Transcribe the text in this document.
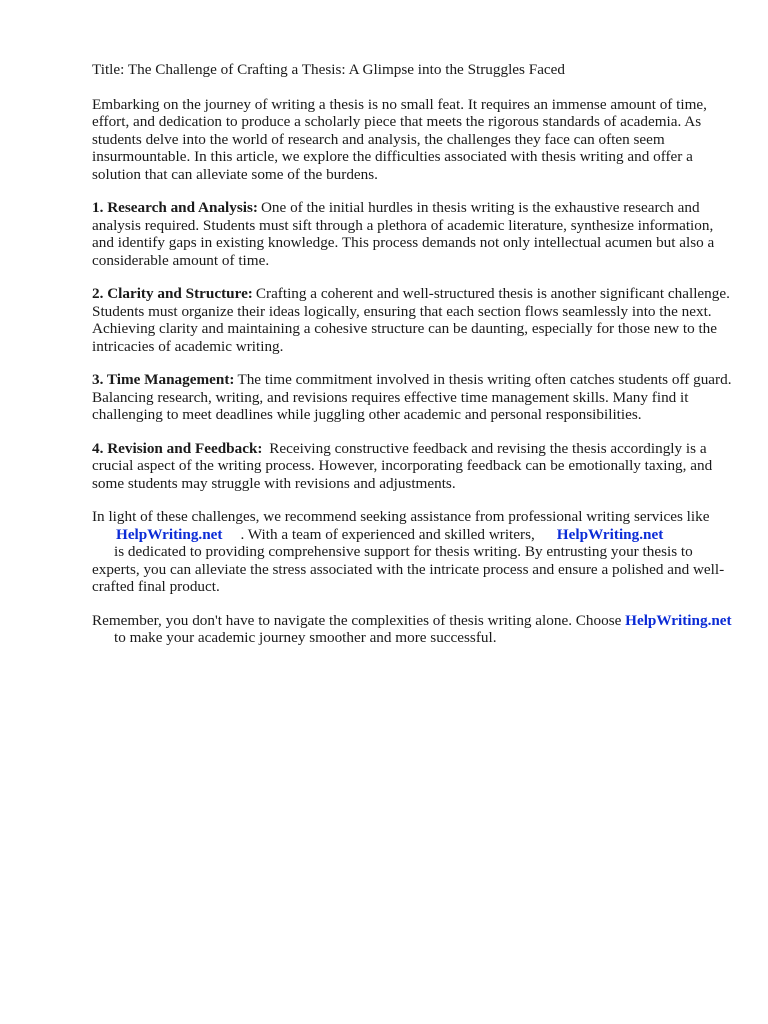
Title: The Challenge of Crafting a Thesis: A Glimpse into the Struggles Faced

Embarking on the journey of writing a thesis is no small feat. It requires an immense amount of time, effort, and dedication to produce a scholarly piece that meets the rigorous standards of academia. As students delve into the world of research and analysis, the challenges they face can often seem insurmountable. In this article, we explore the difficulties associated with thesis writing and offer a solution that can alleviate some of the burdens.

1. Research and Analysis: One of the initial hurdles in thesis writing is the exhaustive research and analysis required. Students must sift through a plethora of academic literature, synthesize information, and identify gaps in existing knowledge. This process demands not only intellectual acumen but also a considerable amount of time.

2. Clarity and Structure: Crafting a coherent and well-structured thesis is another significant challenge. Students must organize their ideas logically, ensuring that each section flows seamlessly into the next. Achieving clarity and maintaining a cohesive structure can be daunting, especially for those new to the intricacies of academic writing.

3. Time Management: The time commitment involved in thesis writing often catches students off guard. Balancing research, writing, and revisions requires effective time management skills. Many find it challenging to meet deadlines while juggling other academic and personal responsibilities.

4. Revision and Feedback: Receiving constructive feedback and revising the thesis accordingly is a crucial aspect of the writing process. However, incorporating feedback can be emotionally taxing, and some students may struggle with revisions and adjustments.

In light of these challenges, we recommend seeking assistance from professional writing services likeHelpWriting.net . With a team of experienced and skilled writers, HelpWriting.net
is dedicated to providing comprehensive support for thesis writing. By entrusting your thesis to experts, you can alleviate the stress associated with the intricate process and ensure a polished and well-crafted final product.

Remember, you don't have to navigate the complexities of thesis writing alone. Choose HelpWriting.netto make your academic journey smoother and more successful.
